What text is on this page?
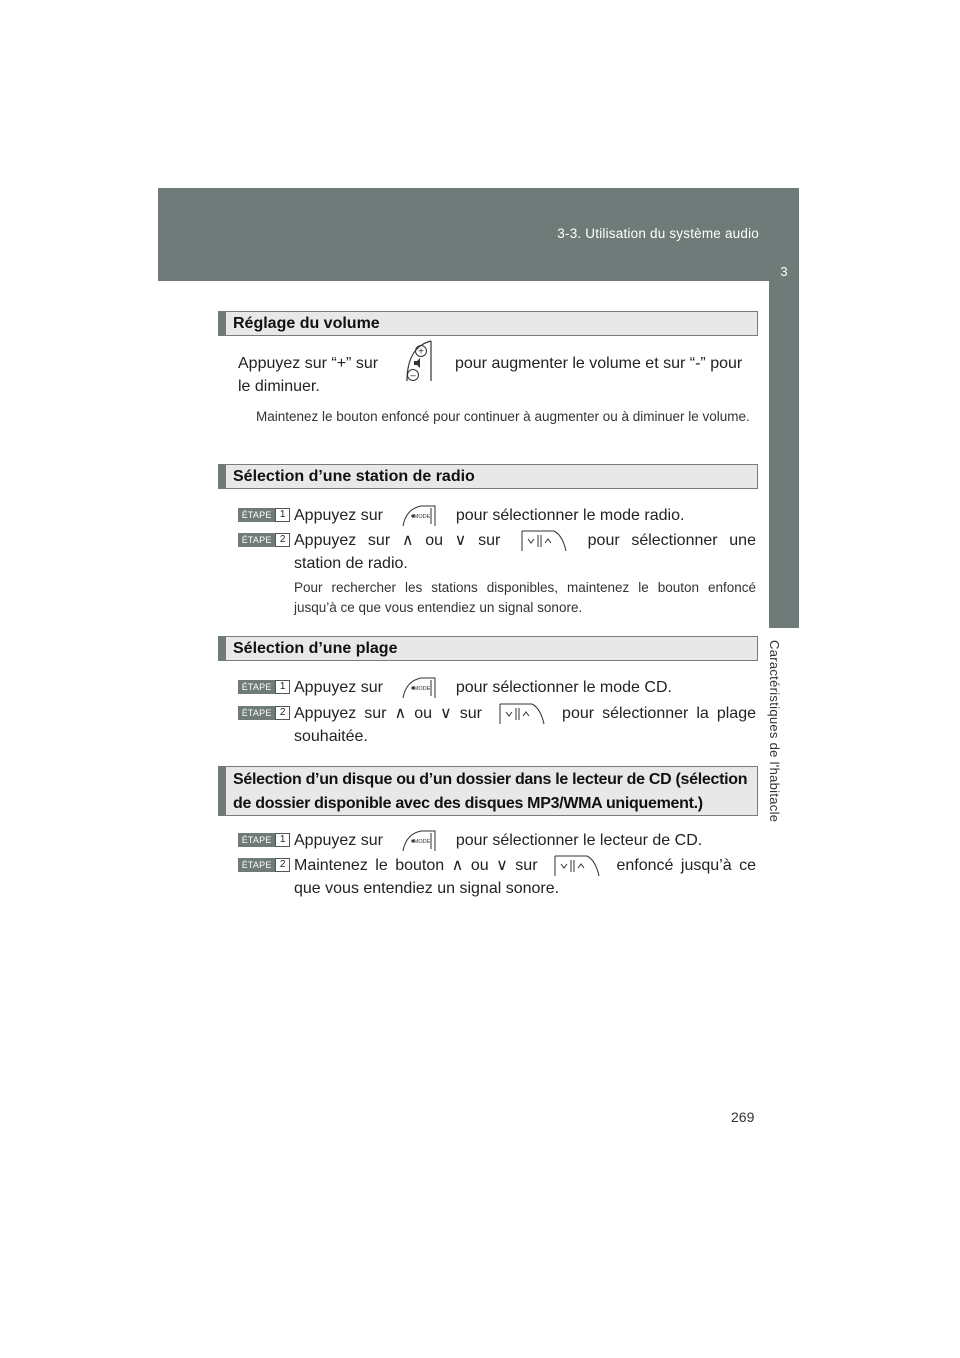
3-3. Utilisation du système audio
3
Caractéristiques de l'habitacle
Réglage du volume
Appuyez sur “+” sur
+
–
pour augmenter le volume et sur “-” pour
le diminuer.
Maintenez le bouton enfoncé pour continuer à augmenter ou à diminuer le volume.
Sélection d’une station de radio
ÉTAPE 1 Appuyez sur	MODE pour sélectionner le mode radio.
ÉTAPE 2 Appuyez sur ∧ ou ∨ sur	pour sélectionner une
station de radio.
Pour rechercher les stations disponibles, maintenez le bouton enfoncé jusqu’à ce que vous entendiez un signal sonore.
Sélection d’une plage
ÉTAPE 1 Appuyez sur	MODE pour sélectionner le mode CD.
ÉTAPE 2 Appuyez sur ∧ ou ∨ sur	pour sélectionner la plage
souhaitée.
Sélection d’un disque ou d’un dossier dans le lecteur de CD (sélection
de dossier disponible avec des disques MP3/WMA uniquement.)
ÉTAPE 1 Appuyez sur	MODE pour sélectionner le lecteur de CD.
ÉTAPE 2 Maintenez le bouton ∧ ou ∨ sur	enfoncé jusqu’à ce
que vous entendiez un signal sonore.
269
